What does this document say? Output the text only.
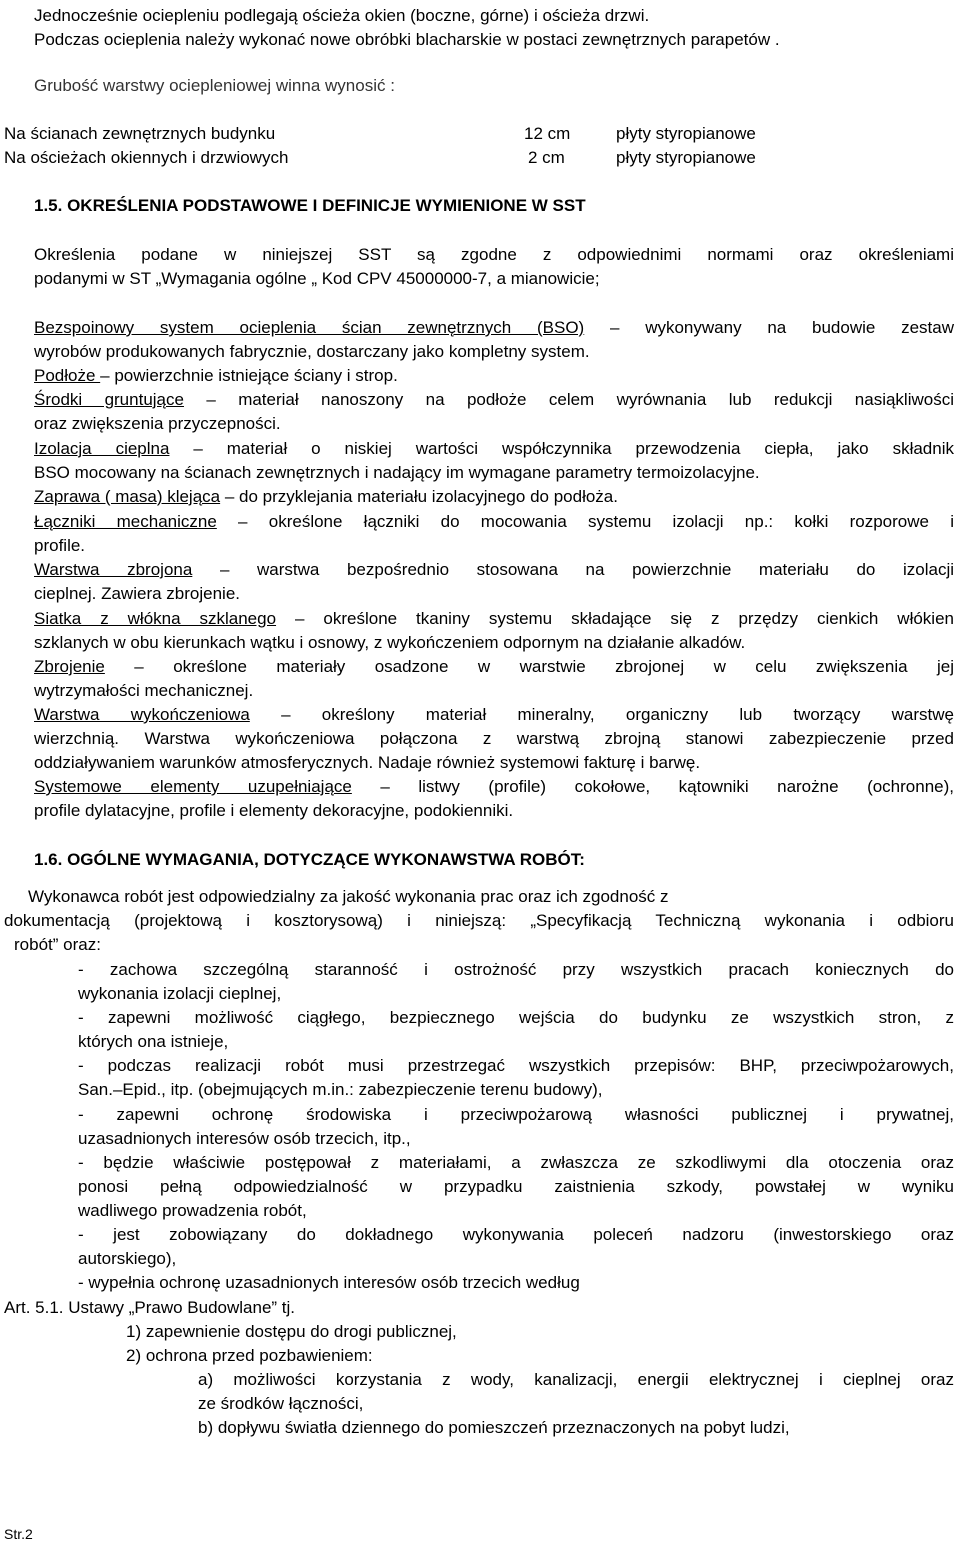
Jednocześnie ociepleniu podlegają ościeża okien (boczne, górne) i ościeża drzwi.
Podczas ocieplenia należy wykonać nowe obróbki blacharskie w postaci zewnętrznych parapetów .
Grubość warstwy ociepleniowej winna wynosić :
Na ścianach zewnętrznych budynku	12 cm	płyty styropianowe
Na ościeżach okiennych i drzwiowych	2 cm	płyty styropianowe
1.5. OKREŚLENIA PODSTAWOWE I DEFINICJE WYMIENIONE W SST
Określenia podane w niniejszej SST są zgodne z odpowiednimi normami oraz określeniami
podanymi w ST „Wymagania ogólne „ Kod CPV 45000000-7, a mianowicie;
Bezspoinowy system ocieplenia ścian zewnętrznych (BSO) – wykonywany na budowie zestaw
wyrobów produkowanych fabrycznie, dostarczany jako kompletny system.
Podłoże – powierzchnie istniejące ściany i strop.
Środki gruntujące – materiał nanoszony na podłoże celem wyrównania lub redukcji nasiąkliwości
oraz zwiększenia przyczepności.
Izolacja cieplna – materiał o niskiej wartości współczynnika przewodzenia ciepła, jako składnik
BSO mocowany na ścianach zewnętrznych i nadający im wymagane parametry termoizolacyjne.
Zaprawa ( masa) klejąca – do przyklejania materiału izolacyjnego do podłoża.
Łączniki mechaniczne – określone łączniki do mocowania systemu izolacji np.: kołki rozporowe i
profile.
Warstwa zbrojona – warstwa bezpośrednio stosowana na powierzchnie materiału do izolacji
cieplnej. Zawiera zbrojenie.
Siatka z włókna szklanego – określone tkaniny systemu składające się z przędzy cienkich włókien
szklanych w obu kierunkach wątku i osnowy, z wykończeniem odpornym na działanie alkadów.
Zbrojenie – określone materiały osadzone w warstwie zbrojonej w celu zwiększenia jej
wytrzymałości mechanicznej.
Warstwa wykończeniowa – określony materiał mineralny, organiczny lub tworzący warstwę
wierzchnią. Warstwa wykończeniowa połączona z warstwą zbrojną stanowi zabezpieczenie przed
oddziaływaniem warunków atmosferycznych. Nadaje również systemowi fakturę i barwę.
Systemowe elementy uzupełniające – listwy (profile) cokołowe, kątowniki narożne (ochronne),
profile dylatacyjne, profile i elementy dekoracyjne, podokienniki.
1.6. OGÓLNE WYMAGANIA, DOTYCZĄCE WYKONAWSTWA ROBÓT:
Wykonawca robót jest odpowiedzialny za jakość wykonania prac oraz ich zgodność z
dokumentacją (projektową i kosztorysową) i niniejszą: „Specyfikacją Techniczną wykonania i odbioru
robót” oraz:
- zachowa szczególną staranność i ostrożność przy wszystkich pracach koniecznych do
wykonania izolacji cieplnej,
- zapewni możliwość ciągłego, bezpiecznego wejścia do budynku ze wszystkich stron, z
których ona istnieje,
- podczas realizacji robót musi przestrzegać wszystkich przepisów: BHP, przeciwpożarowych,
San.–Epid., itp. (obejmujących m.in.: zabezpieczenie terenu budowy),
- zapewni ochronę środowiska i przeciwpożarową własności publicznej i prywatnej,
uzasadnionych interesów osób trzecich, itp.,
- będzie właściwie postępował z materiałami, a zwłaszcza ze szkodliwymi dla otoczenia oraz
ponosi pełną odpowiedzialność w przypadku zaistnienia szkody, powstałej w wyniku
wadliwego prowadzenia robót,
- jest zobowiązany do dokładnego wykonywania poleceń nadzoru (inwestorskiego oraz
autorskiego),
- wypełnia ochronę uzasadnionych interesów osób trzecich według
Art. 5.1. Ustawy „Prawo Budowlane” tj.
1) zapewnienie dostępu do drogi publicznej,
2) ochrona przed pozbawieniem:
a) możliwości korzystania z wody, kanalizacji, energii elektrycznej i cieplnej oraz
ze środków łączności,
b) dopływu światła dziennego do pomieszczeń przeznaczonych na pobyt ludzi,
Str.2
